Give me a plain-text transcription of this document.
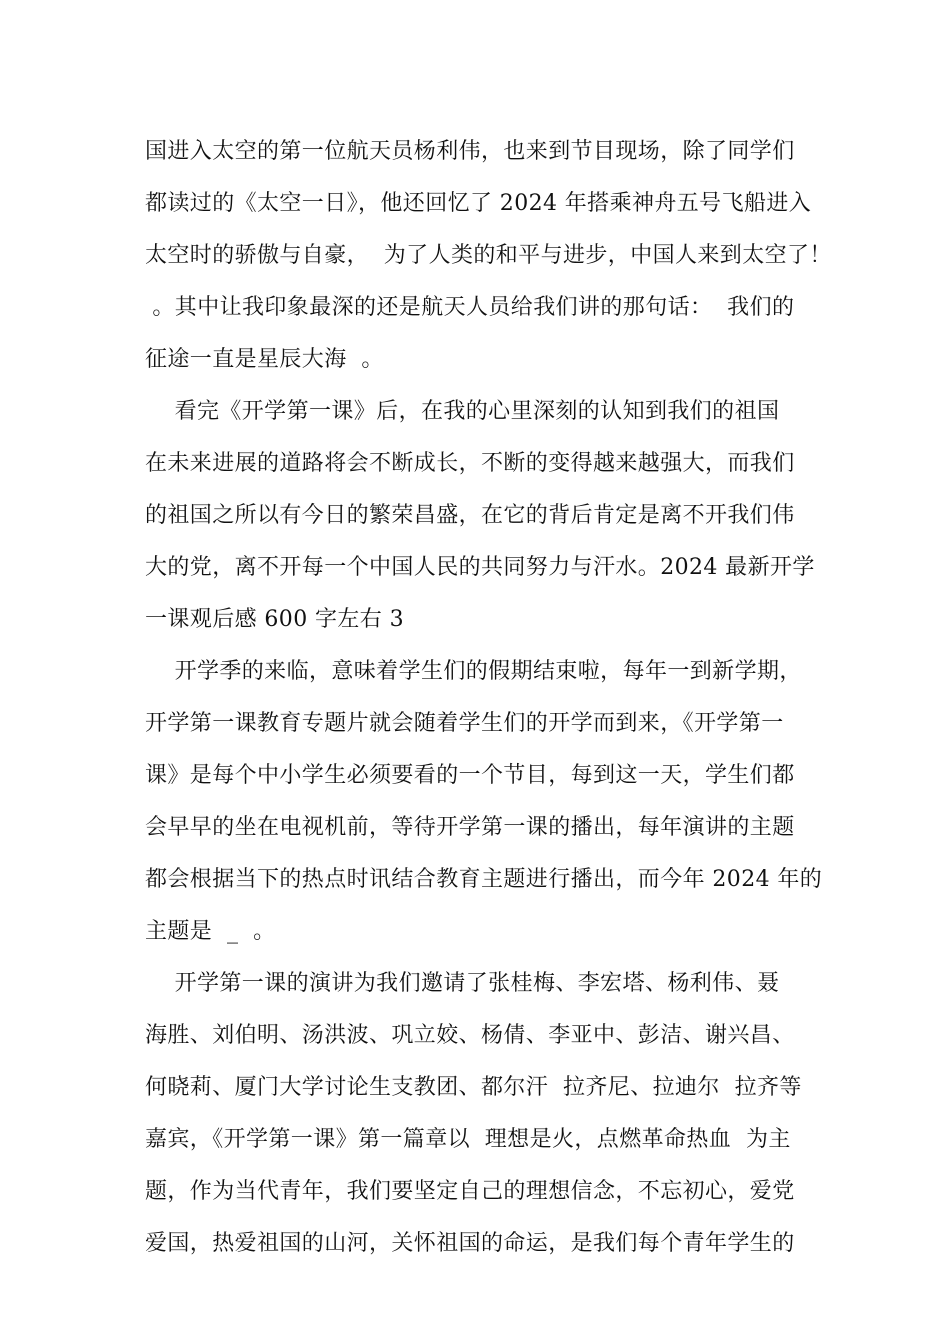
国进入太空的第一位航天员杨利伟，也来到节目现场，除了同学们
都读过的《太空一日》，他还回忆了 2024 年搭乘神舟五号飞船进入
太空时的骄傲与自豪，  为了人类的和平与进步，中国人来到太空了！
。其中让我印象最深的还是航天人员给我们讲的那句话：  我们的
征途一直是星辰大海  。
看完《开学第一课》后，在我的心里深刻的认知到我们的祖国
在未来进展的道路将会不断成长，不断的变得越来越强大，而我们
的祖国之所以有今日的繁荣昌盛，在它的背后肯定是离不开我们伟
大的党，离不开每一个中国人民的共同努力与汗水。2024 最新开学
一课观后感 600 字左右 3
开学季的来临，意味着学生们的假期结束啦，每年一到新学期，
开学第一课教育专题片就会随着学生们的开学而到来，《开学第一
课》是每个中小学生必须要看的一个节目，每到这一天，学生们都
会早早的坐在电视机前，等待开学第一课的播出，每年演讲的主题
都会根据当下的热点时讯结合教育主题进行播出，而今年 2024 年的
主题是  _  。
开学第一课的演讲为我们邀请了张桂梅、李宏塔、杨利伟、聂
海胜、刘伯明、汤洪波、巩立姣、杨倩、李亚中、彭洁、谢兴昌、
何晓莉、厦门大学讨论生支教团、都尔汗  拉齐尼、拉迪尔  拉齐等
嘉宾，《开学第一课》第一篇章以  理想是火，点燃革命热血  为主
题，作为当代青年，我们要坚定自己的理想信念，不忘初心，爱党
爱国，热爱祖国的山河，关怀祖国的命运，是我们每个青年学生的
